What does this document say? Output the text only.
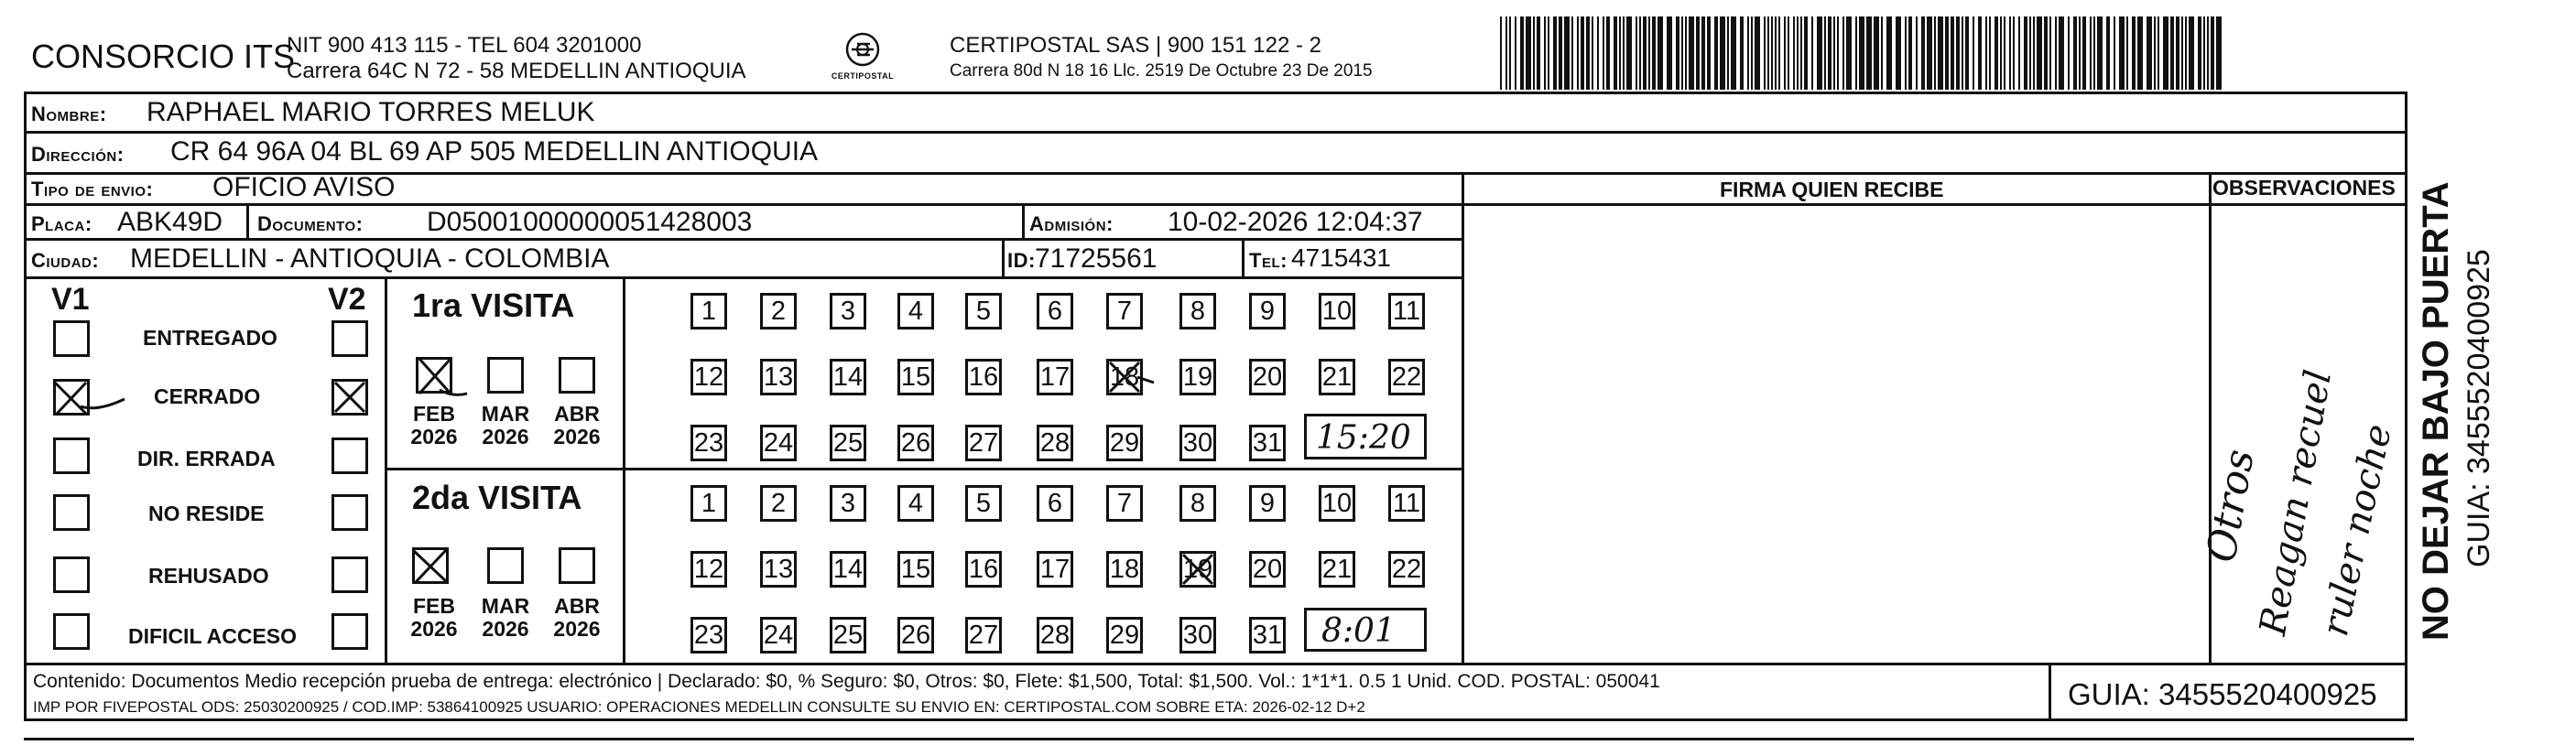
CONSORCIO ITS
NIT 900 413 115 - TEL 604 3201000
Carrera 64C N 72 - 58 MEDELLIN ANTIOQUIA	CERTIPOSTAL
CERTIPOSTAL SAS | 900 151 122 - 2
Carrera 80d N 18 16 Llc. 2519 De Octubre 23 De 2015
Nombre: RAPHAEL MARIO TORRES MELUK
Dirección: CR 64 96A 04 BL 69 AP 505 MEDELLIN ANTIOQUIA
Tipo de envio: OFICIO AVISO
Placa: ABK49D Documento: D05001000000051428003	Admisión: 10-02-2026 12:04:37
Ciudad: MEDELLIN - ANTIOQUIA - COLOMBIA	ID: 71725561	Tel: 4715431
FIRMA QUIEN RECIBE	OBSERVACIONES
V1	V2
ENTREGADO
CERRADO
DIR. ERRADA
NO RESIDE
REHUSADO
DIFICIL ACCESO
1ra VISITA
FEB
2026
MAR
2026
ABR
2026
1 2 3 4 5 6 7 8 9 10 11
12 13 14 15 16 17 18 19 20 21 22
23 24 25 26 27 28 29 30 31 15:20
2da VISITA
FEB
2026
MAR
2026
ABR
2026
1 2 3 4 5 6 7 8 9 10 11
12 13 14 15 16 17 18 19 20 21 22
23 24 25 26 27 28 29 30 31 8:01
Otros
Reagan recuel
ruler noche
Contenido: Documentos Medio recepción prueba de entrega: electrónico | Declarado: $0, % Seguro: $0, Otros: $0, Flete: $1,500, Total: $1,500. Vol.: 1*1*1. 0.5 1 Unid. COD. POSTAL: 050041
IMP POR FIVEPOSTAL ODS: 25030200925 / COD.IMP: 53864100925 USUARIO: OPERACIONES MEDELLIN CONSULTE SU ENVIO EN: CERTIPOSTAL.COM SOBRE ETA: 2026-02-12 D+2	GUIA: 3455520400925
NO DEJAR BAJO PUERTA GUIA: 3455520400925
